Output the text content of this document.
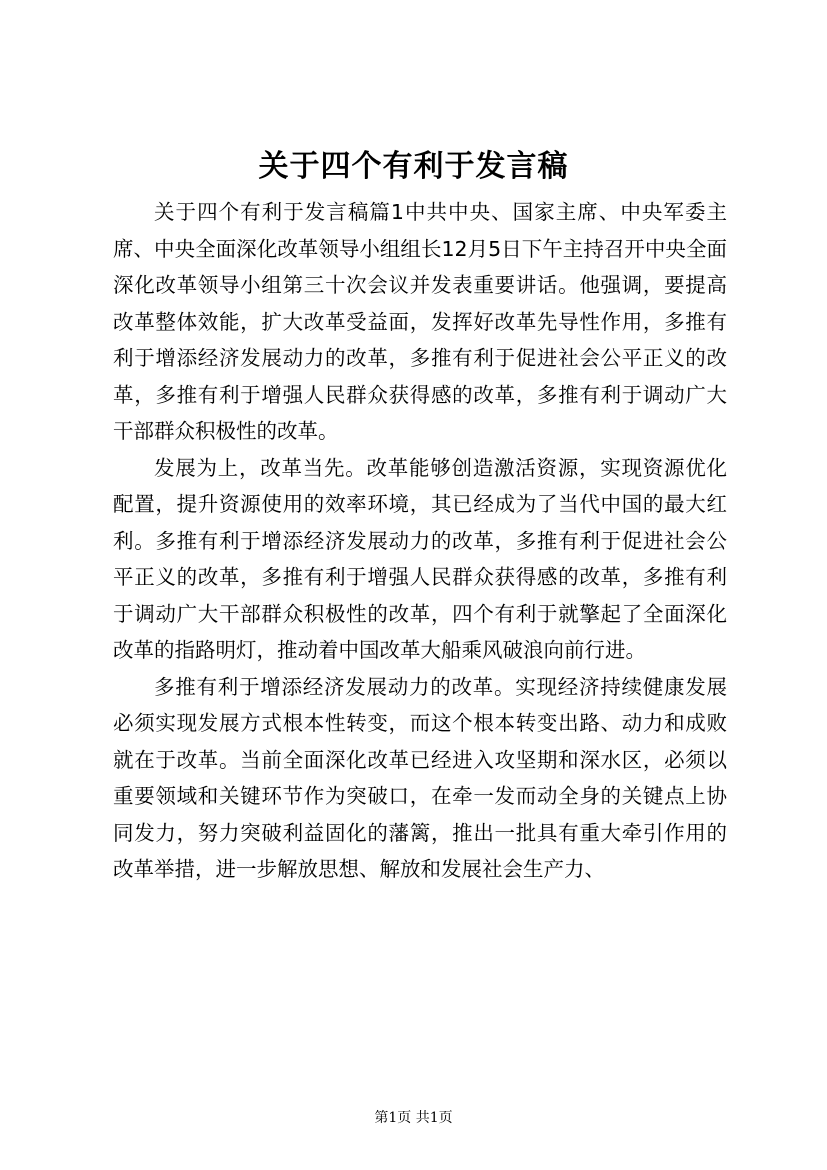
关于四个有利于发言稿

关于四个有利于发言稿篇1中共中央、国家主席、中央军委主席、中央全面深化改革领导小组组长12月5日下午主持召开中央全面深化改革领导小组第三十次会议并发表重要讲话。他强调，要提高改革整体效能，扩大改革受益面，发挥好改革先导性作用，多推有利于增添经济发展动力的改革，多推有利于促进社会公平正义的改革，多推有利于增强人民群众获得感的改革，多推有利于调动广大干部群众积极性的改革。

发展为上，改革当先。改革能够创造激活资源，实现资源优化配置，提升资源使用的效率环境，其已经成为了当代中国的最大红利。多推有利于增添经济发展动力的改革，多推有利于促进社会公平正义的改革，多推有利于增强人民群众获得感的改革，多推有利于调动广大干部群众积极性的改革，四个有利于就擎起了全面深化改革的指路明灯，推动着中国改革大船乘风破浪向前行进。

多推有利于增添经济发展动力的改革。实现经济持续健康发展必须实现发展方式根本性转变，而这个根本转变出路、动力和成败就在于改革。当前全面深化改革已经进入攻坚期和深水区，必须以重要领域和关键环节作为突破口，在牵一发而动全身的关键点上协同发力，努力突破利益固化的藩篱，推出一批具有重大牵引作用的改革举措，进一步解放思想、解放和发展社会生产力、

第1页 共1页
